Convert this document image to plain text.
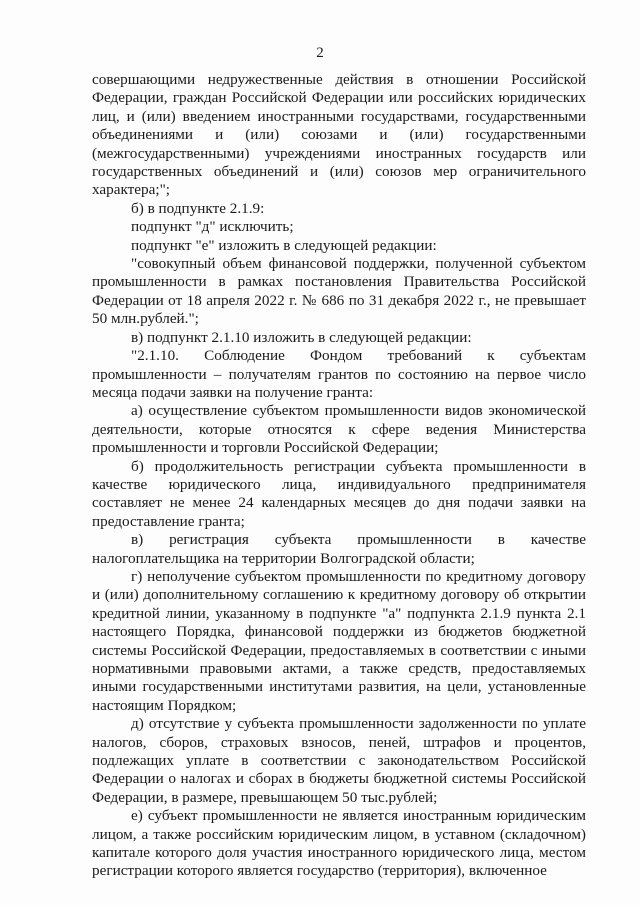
2

совершающими недружественные действия в отношении Российской Федерации, граждан Российской Федерации или российских юридических лиц, и (или) введением иностранными государствами, государственными объединениями и (или) союзами и (или) государственными (межгосударственными) учреждениями иностранных государств или государственных объединений и (или) союзов мер ограничительного характера;";

б) в подпункте 2.1.9:

подпункт "д" исключить;

подпункт "е" изложить в следующей редакции:

"совокупный объем финансовой поддержки, полученной субъектом промышленности в рамках постановления Правительства Российской Федерации от 18 апреля 2022 г. № 686 по 31 декабря 2022 г., не превышает 50 млн.рублей.";

в) подпункт 2.1.10 изложить в следующей редакции:

"2.1.10. Соблюдение Фондом требований к субъектам промышленности – получателям грантов по состоянию на первое число месяца подачи заявки на получение гранта:

а) осуществление субъектом промышленности видов экономической деятельности, которые относятся к сфере ведения Министерства промышленности и торговли Российской Федерации;

б) продолжительность регистрации субъекта промышленности в качестве юридического лица, индивидуального предпринимателя составляет не менее 24 календарных месяцев до дня подачи заявки на предоставление гранта;

в) регистрация субъекта промышленности в качестве налогоплательщика на территории Волгоградской области;

г) неполучение субъектом промышленности по кредитному договору и (или) дополнительному соглашению к кредитному договору об открытии кредитной линии, указанному в подпункте "а" подпункта 2.1.9 пункта 2.1 настоящего Порядка, финансовой поддержки из бюджетов бюджетной системы Российской Федерации, предоставляемых в соответствии с иными нормативными правовыми актами, а также средств, предоставляемых иными государственными институтами развития, на цели, установленные настоящим Порядком;

д) отсутствие у субъекта промышленности задолженности по уплате налогов, сборов, страховых взносов, пеней, штрафов и процентов, подлежащих уплате в соответствии с законодательством Российской Федерации о налогах и сборах в бюджеты бюджетной системы Российской Федерации, в размере, превышающем 50 тыс.рублей;

е) субъект промышленности не является иностранным юридическим лицом, а также российским юридическим лицом, в уставном (складочном) капитале которого доля участия иностранного юридического лица, местом регистрации которого является государство (территория), включенное
